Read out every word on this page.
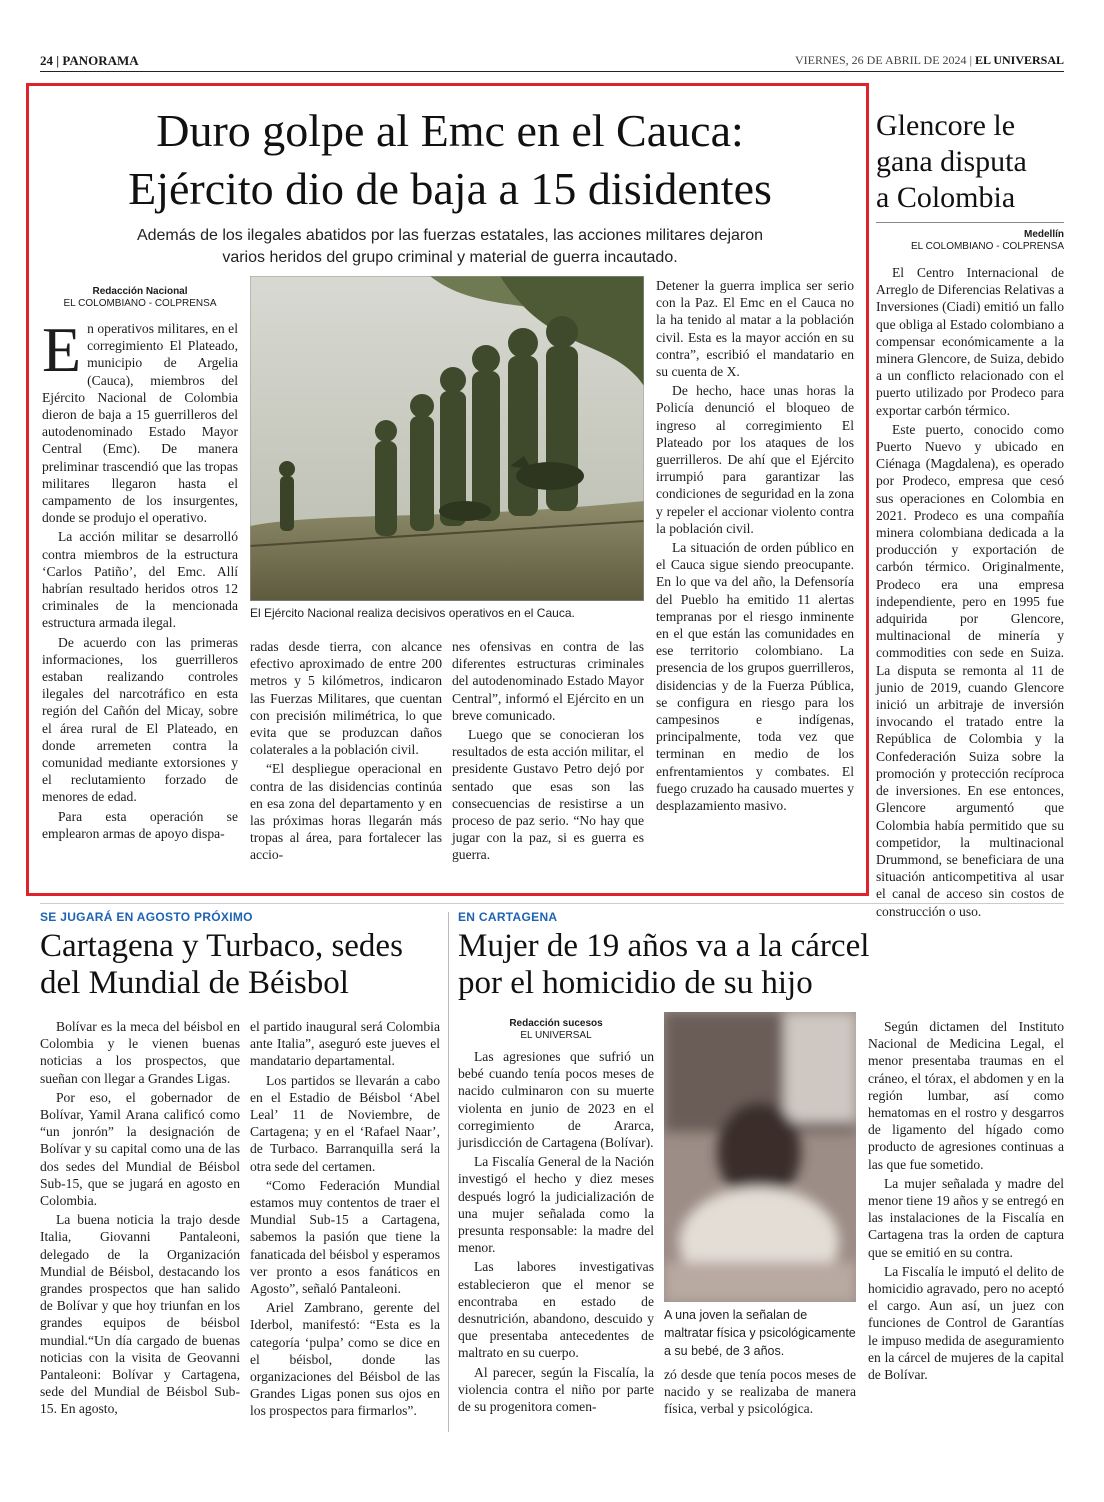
24 | PANORAMA	VIERNES, 26 DE ABRIL DE 2024 | EL UNIVERSAL
Duro golpe al Emc en el Cauca:
Ejército dio de baja a 15 disidentes
Además de los ilegales abatidos por las fuerzas estatales, las acciones militares dejaron varios heridos del grupo criminal y material de guerra incautado.
Redacción Nacional
EL COLOMBIANO - COLPRENSA
E n operativos militares, en el corregimiento El Plateado, municipio de Argelia (Cauca), miembros del Ejército Nacional de Colombia dieron de baja a 15 guerrilleros del autodenominado Estado Mayor Central (Emc). De manera preliminar trascendió que las tropas militares llegaron hasta el campamento de los insurgentes, donde se produjo el operativo.

La acción militar se desarrolló contra miembros de la estructura ‘Carlos Patiño’, del Emc. Allí habrían resultado heridos otros 12 criminales de la mencionada estructura armada ilegal.

De acuerdo con las primeras informaciones, los guerrilleros estaban realizando controles ilegales del narcotráfico en esta región del Cañón del Micay, sobre el área rural de El Plateado, en donde arremeten contra la comunidad mediante extorsiones y el reclutamiento forzado de menores de edad.

Para esta operación se emplearon armas de apoyo dispa-

El Ejército Nacional realiza decisivos operativos en el Cauca.

radas desde tierra, con alcance efectivo aproximado de entre 200 metros y 5 kilómetros, indicaron las Fuerzas Militares, que cuentan con precisión milimétrica, lo que evita que se produzcan daños colaterales a la población civil.

“El despliegue operacional en contra de las disidencias continúa en esa zona del departamento y en las próximas horas llegarán más tropas al área, para fortalecer las accio-

nes ofensivas en contra de las diferentes estructuras criminales del autodenominado Estado Mayor Central”, informó el Ejército en un breve comunicado.

Luego que se conocieran los resultados de esta acción militar, el presidente Gustavo Petro dejó por sentado que esas son las consecuencias de resistirse a un proceso de paz serio. “No hay que jugar con la paz, si es guerra es guerra.

Detener la guerra implica ser serio con la Paz. El Emc en el Cauca no la ha tenido al matar a la población civil. Esta es la mayor acción en su contra”, escribió el mandatario en su cuenta de X.

De hecho, hace unas horas la Policía denunció el bloqueo de ingreso al corregimiento El Plateado por los ataques de los guerrilleros. De ahí que el Ejército irrumpió para garantizar las condiciones de seguridad en la zona y repeler el accionar violento contra la población civil.

La situación de orden público en el Cauca sigue siendo preocupante. En lo que va del año, la Defensoría del Pueblo ha emitido 11 alertas tempranas por el riesgo inminente en el que están las comunidades en ese territorio colombiano. La presencia de los grupos guerrilleros, disidencias y de la Fuerza Pública, se configura en riesgo para los campesinos e indígenas, principalmente, toda vez que terminan en medio de los enfrentamientos y combates. El fuego cruzado ha causado muertes y desplazamiento masivo.

Glencore le
gana disputa
a Colombia
Medellín
EL COLOMBIANO - COLPRENSA

El Centro Internacional de Arreglo de Diferencias Relativas a Inversiones (Ciadi) emitió un fallo que obliga al Estado colombiano a compensar económicamente a la minera Glencore, de Suiza, debido a un conflicto relacionado con el puerto utilizado por Prodeco para exportar carbón térmico.

Este puerto, conocido como Puerto Nuevo y ubicado en Ciénaga (Magdalena), es operado por Prodeco, empresa que cesó sus operaciones en Colombia en 2021. Prodeco es una compañía minera colombiana dedicada a la producción y exportación de carbón térmico. Originalmente, Prodeco era una empresa independiente, pero en 1995 fue adquirida por Glencore, multinacional de minería y commodities con sede en Suiza. La disputa se remonta al 11 de junio de 2019, cuando Glencore inició un arbitraje de inversión invocando el tratado entre la República de Colombia y la Confederación Suiza sobre la promoción y protección recíproca de inversiones. En ese entonces, Glencore argumentó que Colombia había permitido que su competidor, la multinacional Drummond, se beneficiara de una situación anticompetitiva al usar el canal de acceso sin costos de construcción o uso.

SE JUGARÁ EN AGOSTO PRÓXIMO
Cartagena y Turbaco, sedes
del Mundial de Béisbol

Bolívar es la meca del béisbol en Colombia y le vienen buenas noticias a los prospectos, que sueñan con llegar a Grandes Ligas.

Por eso, el gobernador de Bolívar, Yamil Arana calificó como “un jonrón” la designación de Bolívar y su capital como una de las dos sedes del Mundial de Béisbol Sub-15, que se jugará en agosto en Colombia.

La buena noticia la trajo desde Italia, Giovanni Pantaleoni, delegado de la Organización Mundial de Béisbol, destacando los grandes prospectos que han salido de Bolívar y que hoy triunfan en los grandes equipos de béisbol mundial.“Un día cargado de buenas noticias con la visita de Geovanni Pantaleoni: Bolívar y Cartagena, sede del Mundial de Béisbol Sub-15. En agosto,

el partido inaugural será Colombia ante Italia”, aseguró este jueves el mandatario departamental.

Los partidos se llevarán a cabo en el Estadio de Béisbol ‘Abel Leal’ 11 de Noviembre, de Cartagena; y en el ‘Rafael Naar’, de Turbaco. Barranquilla será la otra sede del certamen.

“Como Federación Mundial estamos muy contentos de traer el Mundial Sub-15 a Cartagena, sabemos la pasión que tiene la fanaticada del béisbol y esperamos ver pronto a esos fanáticos en Agosto”, señaló Pantaleoni.

Ariel Zambrano, gerente del Iderbol, manifestó: “Esta es la categoría ‘pulpa’ como se dice en el béisbol, donde las organizaciones del Béisbol de las Grandes Ligas ponen sus ojos en los prospectos para firmarlos”.

EN CARTAGENA
Mujer de 19 años va a la cárcel
por el homicidio de su hijo
Redacción sucesos
EL UNIVERSAL

Las agresiones que sufrió un bebé cuando tenía pocos meses de nacido culminaron con su muerte violenta en junio de 2023 en el corregimiento de Ararca, jurisdicción de Cartagena (Bolívar).

La Fiscalía General de la Nación investigó el hecho y diez meses después logró la judicialización de una mujer señalada como la presunta responsable: la madre del menor.

Las labores investigativas establecieron que el menor se encontraba en estado de desnutrición, abandono, descuido y que presentaba antecedentes de maltrato en su cuerpo.

Al parecer, según la Fiscalía, la violencia contra el niño por parte de su progenitora comen-

A una joven la señalan de maltratar física y psicológicamente a su bebé, de 3 años.

zó desde que tenía pocos meses de nacido y se realizaba de manera física, verbal y psicológica.

Según dictamen del Instituto Nacional de Medicina Legal, el menor presentaba traumas en el cráneo, el tórax, el abdomen y en la región lumbar, así como hematomas en el rostro y desgarros de ligamento del hígado como producto de agresiones continuas a las que fue sometido.

La mujer señalada y madre del menor tiene 19 años y se entregó en las instalaciones de la Fiscalía en Cartagena tras la orden de captura que se emitió en su contra.

La Fiscalía le imputó el delito de homicidio agravado, pero no aceptó el cargo. Aun así, un juez con funciones de Control de Garantías le impuso medida de aseguramiento en la cárcel de mujeres de la capital de Bolívar.
